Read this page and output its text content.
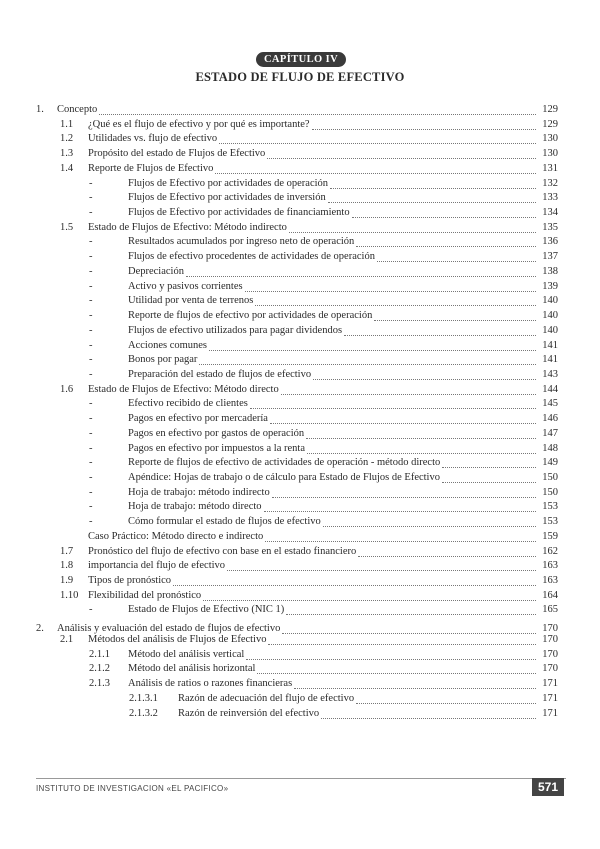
CAPÍTULO IV
ESTADO DE FLUJO DE EFECTIVO
1. Concepto	129
1.1 ¿Qué es el flujo de efectivo y por qué es importante?	129
1.2 Utilidades vs. flujo de efectivo	130
1.3 Propósito del estado de Flujos de Efectivo	130
1.4 Reporte de Flujos de Efectivo	131
-	Flujos de Efectivo por actividades de operación	132
-	Flujos de Efectivo por actividades de inversión	133
-	Flujos de Efectivo por actividades de financiamiento	134
1.5 Estado de Flujos de Efectivo: Método indirecto	135
-	Resultados acumulados por ingreso neto de operación	136
-	Flujos de efectivo procedentes de actividades de operación	137
-	Depreciación	138
-	Activo y pasivos corrientes	139
-	Utilidad por venta de terrenos	140
-	Reporte de flujos de efectivo por actividades de operación	140
-	Flujos de efectivo utilizados para pagar dividendos	140
-	Acciones comunes	141
-	Bonos por pagar	141
-	Preparación del estado de flujos de efectivo	143
1.6 Estado de Flujos de Efectivo: Método directo	144
-	Efectivo recibido de clientes	145
-	Pagos en efectivo por mercadería	146
-	Pagos en efectivo por gastos de operación	147
-	Pagos en efectivo por impuestos a la renta	148
-	Reporte de flujos de efectivo de actividades de operación - método directo	149
-	Apéndice: Hojas de trabajo o de cálculo para Estado de Flujos de Efectivo	150
-	Hoja de trabajo: método indirecto	150
-	Hoja de trabajo: método directo	153
-	Cómo formular el estado de flujos de efectivo	153
Caso Práctico: Método directo e indirecto	159
1.7 Pronóstico del flujo de efectivo con base en el estado financiero	162
1.8 importancia del flujo de efectivo	163
1.9 Tipos de pronóstico	163
1.10 Flexibilidad del pronóstico	164
-	Estado de Flujos de Efectivo (NIC 1)	165
2. Análisis y evaluación del estado de flujos de efectivo	170
2.1 Métodos del análisis de Flujos de Efectivo	170
2.1.1 Método del análisis vertical	170
2.1.2 Método del análisis horizontal	170
2.1.3 Análisis de ratios o razones financieras	171
2.1.3.1 Razón de adecuación del flujo de efectivo	171
2.1.3.2 Razón de reinversión del efectivo	171
INSTITUTO DE INVESTIGACION «EL PACIFICO»	571
